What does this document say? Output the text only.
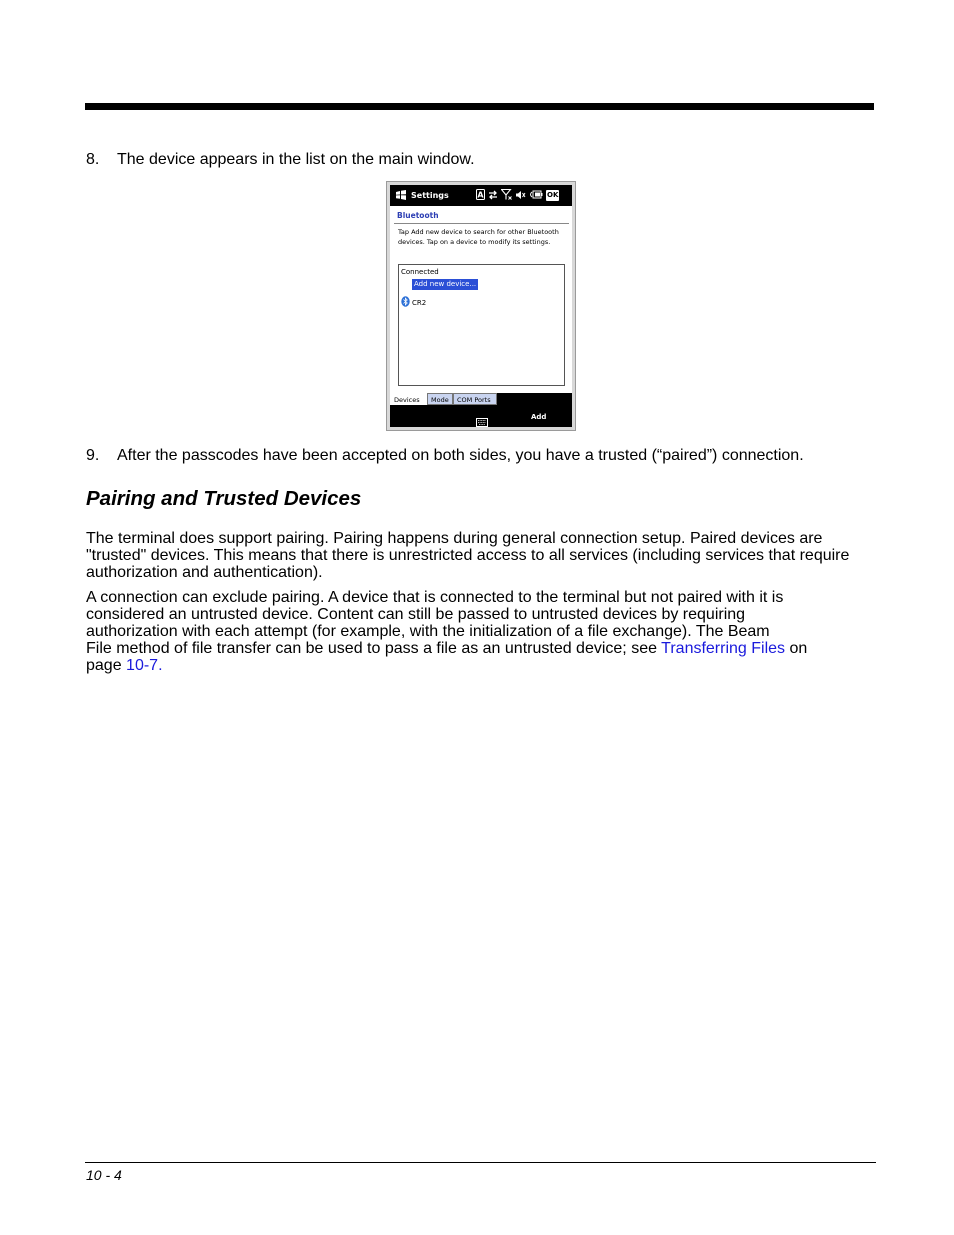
8. The device appears in the list on the main window.
Settings	A	OK
Bluetooth
Tap Add new device to search for other Bluetooth devices. Tap on a device to modify its settings.
Connected
Add new device...
CR2
Devices	Mode	COM Ports
Add
9. After the passcodes have been accepted on both sides, you have a trusted (“paired”) connection.
Pairing and Trusted Devices

The terminal does support pairing. Pairing happens during general connection setup. Paired devices are "trusted" devices. This means that there is unrestricted access to all services (including services that require authorization and authentication).

A connection can exclude pairing. A device that is connected to the terminal but not paired with it is
considered an untrusted device. Content can still be passed to untrusted devices by requiring
authorization with each attempt (for example, with the initialization of a file exchange). The Beam
File method of file transfer can be used to pass a file as an untrusted device; see Transferring Files on
page 10-7.

10 - 4
